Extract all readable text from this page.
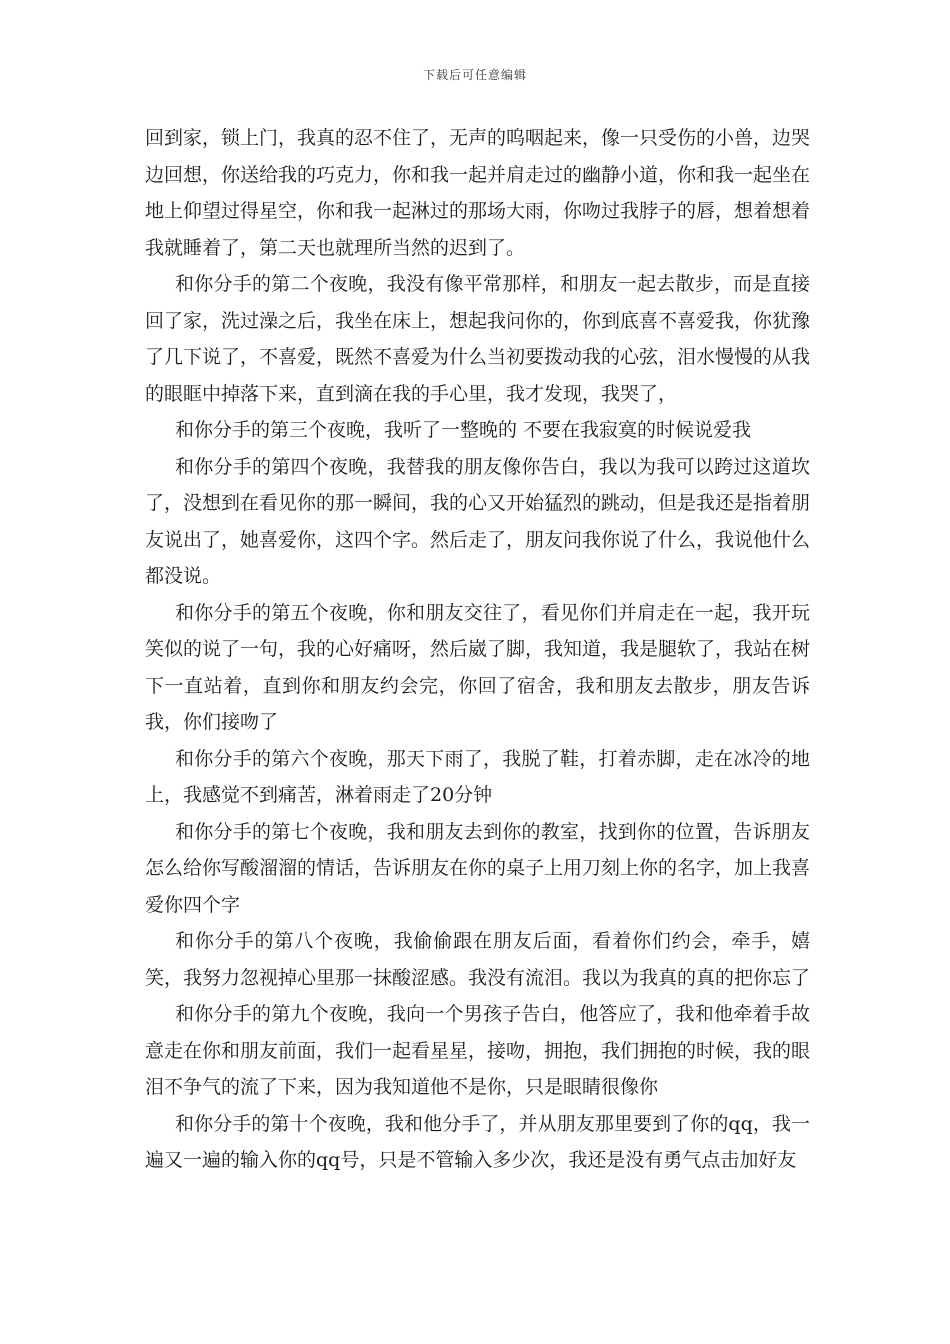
下载后可任意编辑

回到家，锁上门，我真的忍不住了，无声的呜咽起来，像一只受伤的小兽，边哭边回想，你送给我的巧克力，你和我一起并肩走过的幽静小道，你和我一起坐在地上仰望过得星空，你和我一起淋过的那场大雨，你吻过我脖子的唇，想着想着我就睡着了，第二天也就理所当然的迟到了。

和你分手的第二个夜晚，我没有像平常那样，和朋友一起去散步，而是直接回了家，洗过澡之后，我坐在床上，想起我问你的，你到底喜不喜爱我，你犹豫了几下说了，不喜爱，既然不喜爱为什么当初要拨动我的心弦，泪水慢慢的从我的眼眶中掉落下来，直到滴在我的手心里，我才发现，我哭了，

和你分手的第三个夜晚，我听了一整晚的 不要在我寂寞的时候说爱我

和你分手的第四个夜晚，我替我的朋友像你告白，我以为我可以跨过这道坎了，没想到在看见你的那一瞬间，我的心又开始猛烈的跳动，但是我还是指着朋友说出了，她喜爱你，这四个字。然后走了，朋友问我你说了什么，我说他什么都没说。

和你分手的第五个夜晚，你和朋友交往了，看见你们并肩走在一起，我开玩笑似的说了一句，我的心好痛呀，然后崴了脚，我知道，我是腿软了，我站在树下一直站着，直到你和朋友约会完，你回了宿舍，我和朋友去散步，朋友告诉我，你们接吻了

和你分手的第六个夜晚，那天下雨了，我脱了鞋，打着赤脚，走在冰冷的地上，我感觉不到痛苦，淋着雨走了20分钟

和你分手的第七个夜晚，我和朋友去到你的教室，找到你的位置，告诉朋友怎么给你写酸溜溜的情话，告诉朋友在你的桌子上用刀刻上你的名字，加上我喜爱你四个字

和你分手的第八个夜晚，我偷偷跟在朋友后面，看着你们约会，牵手，嬉笑，我努力忽视掉心里那一抹酸涩感。我没有流泪。我以为我真的真的把你忘了

和你分手的第九个夜晚，我向一个男孩子告白，他答应了，我和他牵着手故意走在你和朋友前面，我们一起看星星，接吻，拥抱，我们拥抱的时候，我的眼泪不争气的流了下来，因为我知道他不是你，只是眼睛很像你

和你分手的第十个夜晚，我和他分手了，并从朋友那里要到了你的qq，我一遍又一遍的输入你的qq号，只是不管输入多少次，我还是没有勇气点击加好友
